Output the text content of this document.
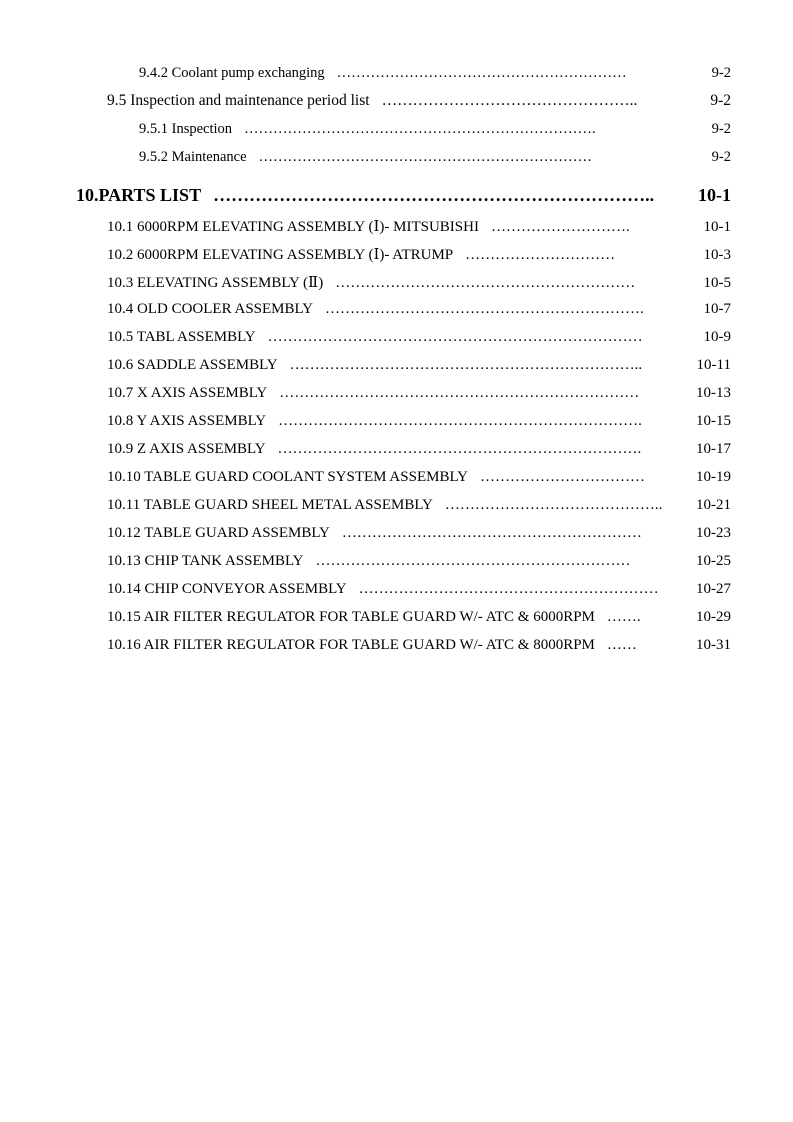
9.4.2 Coolant pump exchanging ……………………………………………………	9-2
9.5 Inspection and maintenance period list …………………………………………..	9-2
9.5.1 Inspection ……………………………………………………………….	9-2
9.5.2 Maintenance ……………………………………………………………	9-2
10.PARTS LIST ………………………………………………………………..	10-1
10.1 6000RPM ELEVATING ASSEMBLY (Ⅰ)- MITSUBISHI ……………………….	10-1
10.2 6000RPM ELEVATING ASSEMBLY (Ⅰ)- ATRUMP …………………………	10-3
10.3 ELEVATING ASSEMBLY (Ⅱ) ……………………………………………………	10-5
10.4 OLD COOLER ASSEMBLY ……………………………………………………….	10-7
10.5 TABL ASSEMBLY …………………………………………………………………	10-9
10.6 SADDLE ASSEMBLY ……………………………………………………………..	10-11
10.7 X AXIS ASSEMBLY ………………………………………………………………	10-13
10.8 Y AXIS ASSEMBLY ……………………………………………………………….	10-15
10.9 Z AXIS ASSEMBLY ……………………………………………………………….	10-17
10.10 TABLE GUARD COOLANT SYSTEM ASSEMBLY ……………………………	10-19
10.11 TABLE GUARD SHEEL METAL ASSEMBLY ……………………………………..	10-21
10.12 TABLE GUARD ASSEMBLY ……………………………………………………	10-23
10.13 CHIP TANK ASSEMBLY ………………………………………………………	10-25
10.14 CHIP CONVEYOR ASSEMBLY ……………………………………………………	10-27
10.15 AIR FILTER REGULATOR FOR TABLE GUARD W/- ATC & 6000RPM …….	10-29
10.16 AIR FILTER REGULATOR FOR TABLE GUARD W/- ATC & 8000RPM ……	10-31
